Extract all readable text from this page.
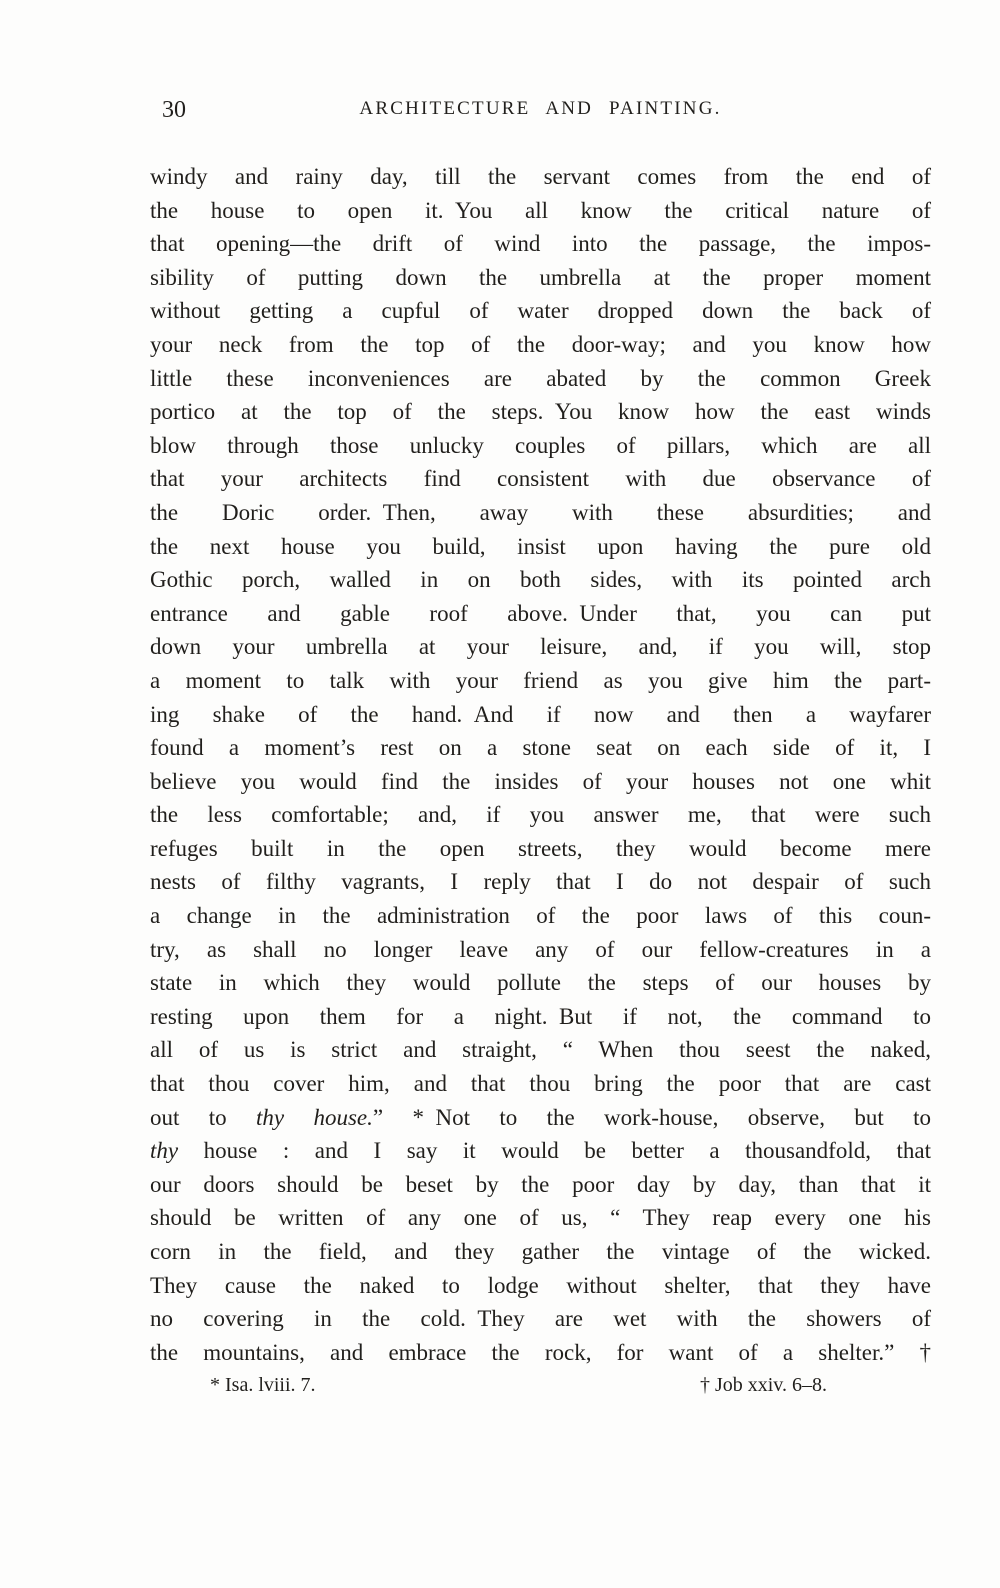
30	ARCHITECTURE AND PAINTING.
windy and rainy day, till the servant comes from the end of
the house to open it. You all know the critical nature of
that opening—the drift of wind into the passage, the impos-
sibility of putting down the umbrella at the proper moment
without getting a cupful of water dropped down the back of
your neck from the top of the door-way; and you know how
little these inconveniences are abated by the common Greek
portico at the top of the steps. You know how the east winds
blow through those unlucky couples of pillars, which are all
that your architects find consistent with due observance of
the Doric order. Then, away with these absurdities; and
the next house you build, insist upon having the pure old
Gothic porch, walled in on both sides, with its pointed arch
entrance and gable roof above. Under that, you can put
down your umbrella at your leisure, and, if you will, stop
a moment to talk with your friend as you give him the part-
ing shake of the hand. And if now and then a wayfarer
found a moment’s rest on a stone seat on each side of it, I
believe you would find the insides of your houses not one whit
the less comfortable; and, if you answer me, that were such
refuges built in the open streets, they would become mere
nests of filthy vagrants, I reply that I do not despair of such
a change in the administration of the poor laws of this coun-
try, as shall no longer leave any of our fellow-creatures in a
state in which they would pollute the steps of our houses by
resting upon them for a night. But if not, the command to
all of us is strict and straight, “ When thou seest the naked,
that thou cover him, and that thou bring the poor that are cast
out to thy house.” * Not to the work-house, observe, but to
thy house : and I say it would be better a thousandfold, that
our doors should be beset by the poor day by day, than that it
should be written of any one of us, “ They reap every one his
corn in the field, and they gather the vintage of the wicked.
They cause the naked to lodge without shelter, that they have
no covering in the cold. They are wet with the showers of
the mountains, and embrace the rock, for want of a shelter.” †
* Isa. lviii. 7.	† Job xxiv. 6–8.
